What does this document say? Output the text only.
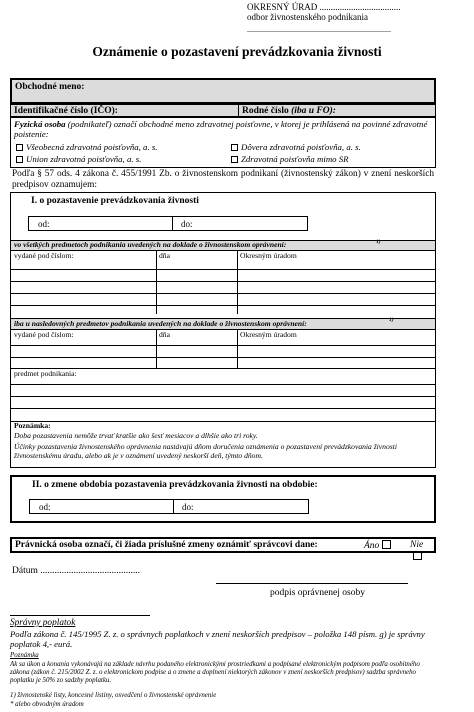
OKRESNÝ ÚRAD ....................................
odbor živnostenského podnikania
........................................................................
Oznámenie o pozastavení prevádzkovania živnosti
Obchodné meno:
Identifikačné číslo (IČO):	Rodné číslo (iba u FO):
Fyzická osoba (podnikateľ) označí obchodné meno zdravotnej poisťovne, v ktorej je prihlásená na povinné zdravotné poistenie:
Všeobecná zdravotná poisťovňa, a. s.
Union zdravotná poisťovňa, a. s.
Dôvera zdravotná poisťovňa, a. s.
Zdravotná poisťovňa mimo SR
Podľa § 57 ods. 4 zákona č. 455/1991 Zb. o živnostenskom podnikaní (živnostenský zákon) v znení neskorších predpisov oznamujem:
I. o pozastavenie prevádzkovania živnosti
od:	do:
vo všetkých predmetoch podnikania uvedených na doklade o živnostenskom oprávnení:	1)
vydané pod číslom:	dňa	Okresným úradom
iba u nasledovných predmetov podnikania uvedených na doklade o živnostenskom oprávnení:	1)
vydané pod číslom:	dňa	Okresným úradom
predmet podnikania:
Poznámka:
Doba pozastavenia nemôže trvať kratšie ako šesť mesiacov a dlhšie ako tri roky.
Účinky pozastavenia živnostenského oprávnenia nastávajú dňom doručenia oznámenia o pozastavení prevádzkovania živnosti živnostenskému úradu, alebo ak je v oznámení uvedený neskorší deň, týmto dňom.
II. o zmene obdobia pozastavenia prevádzkovania živnosti na obdobie:
od:	do:
Právnická osoba označí, či žiada príslušné zmeny oznámiť správcovi dane:	Áno	Nie
Dátum ..........................................
podpis oprávnenej osoby
Správny poplatok
Podľa zákona č. 145/1995 Z. z. o správnych poplatkoch v znení neskorších predpisov – položka 148 písm. g) je správny poplatok 4,- eurá.
Poznámka
Ak sa úkon a konania vykonávajú na základe návrhu podaného elektronickými prostriedkami a podpísané elektronickým podpisom podľa osobitného zákona (zákon č. 215/2002 Z. z. o elektronickom podpise a o zmene a doplnení niektorých zákonov v znení neskorších predpisov) sadzba správneho poplatku je 50% zo sadzby poplatku.
1) živnostenské listy, koncesné listiny, osvedčení o živnostenské oprávnenie
* alebo obvodným úradom
